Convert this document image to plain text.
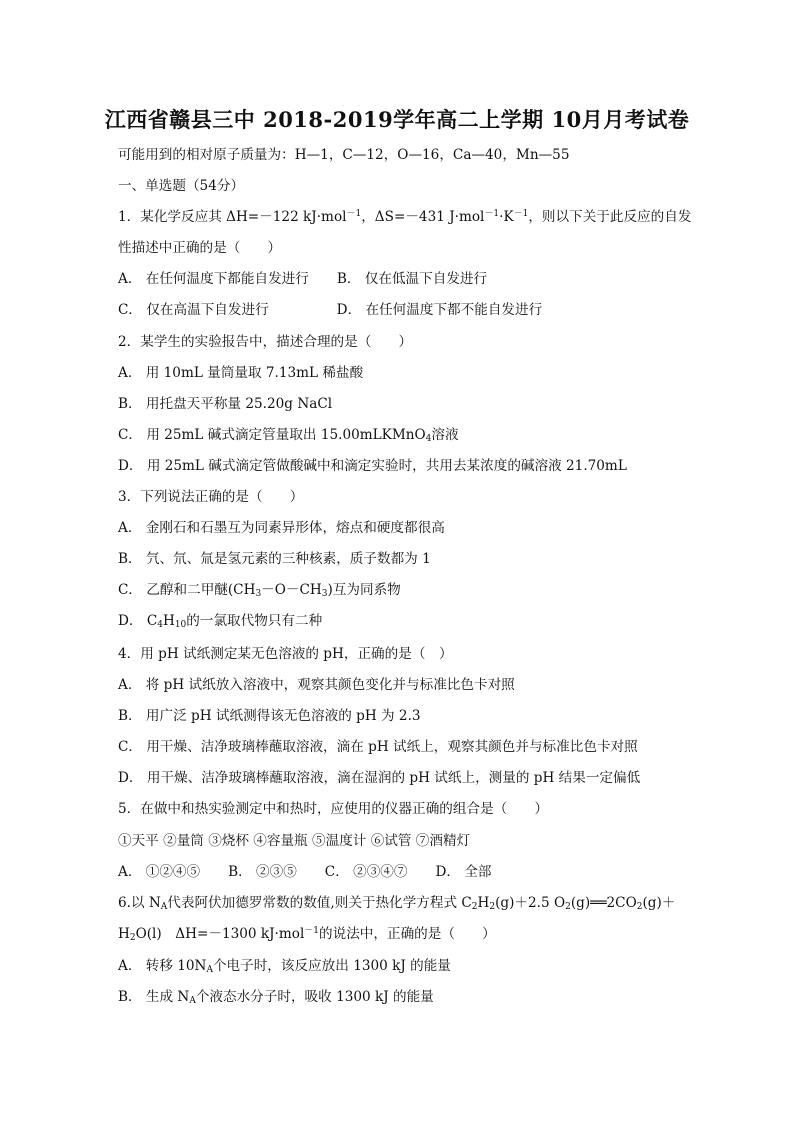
江西省赣县三中 2018-2019学年高二上学期 10月月考试卷
可能用到的相对原子质量为：H—1，C—12，O—16，Ca—40，Mn—55
一、单选题（54分）
1．某化学反应其 ΔH=－122 kJ·mol$^{-1}$，ΔS=－431 $J\cdot mol^{-1}\cdot K^{-1}$，则以下关于此反应的自发
性描述中正确的是（　　）
A． 在任何温度下都能自发进行 B． 仅在低温下自发进行
C． 仅在高温下自发进行	D． 在任何温度下都不能自发进行
2．某学生的实验报告中，描述合理的是（　　）
A． 用 10mL 量筒量取 7.13mL 稀盐酸
B． 用托盘天平称量 25.20g NaCl
C． 用 25mL 碱式滴定管量取出 15.00mLKMnO$_4$溶液
D． 用 25mL 碱式滴定管做酸碱中和滴定实验时，共用去某浓度的碱溶液 21.70mL
3．下列说法正确的是（　　）
A． 金刚石和石墨互为同素异形体，熔点和硬度都很高
B． 氕、氘、氚是氢元素的三种核素，质子数都为 1
C． 乙醇和二甲醚$(CH_3-O-CH_3)$互为同系物
D． $C_4H_{10}$的一氯取代物只有二种
4．用 pH 试纸测定某无色溶液的 pH，正确的是（　）
A． 将 pH 试纸放入溶液中，观察其颜色变化并与标准比色卡对照
B． 用广泛 pH 试纸测得该无色溶液的 pH 为 2.3
C． 用干燥、洁净玻璃棒蘸取溶液，滴在 pH 试纸上，观察其颜色并与标准比色卡对照
D． 用干燥、洁净玻璃棒蘸取溶液，滴在湿润的 pH 试纸上，测量的 pH 结果一定偏低
5．在做中和热实验测定中和热时，应使用的仪器正确的组合是（　　）
①天平 ②量筒 ③烧杯 ④容量瓶 ⑤温度计 ⑥试管 ⑦酒精灯
A． ①②④⑤ B． ②③⑤ C． ②③④⑦ D． 全部
6.以 $N_A$代表阿伏加德罗常数的数值,则关于热化学方程式 $C_2H_2(g)+2.5$ $O_2(g)══2CO_2(g)+$
$H_2O(l)$　ΔH=－1300 kJ·mol$^{-1}$的说法中，正确的是（　　）
A． 转移 $10N_A$个电子时，该反应放出 1300 kJ 的能量
B． 生成 $N_A$个液态水分子时，吸收 1300 kJ 的能量
